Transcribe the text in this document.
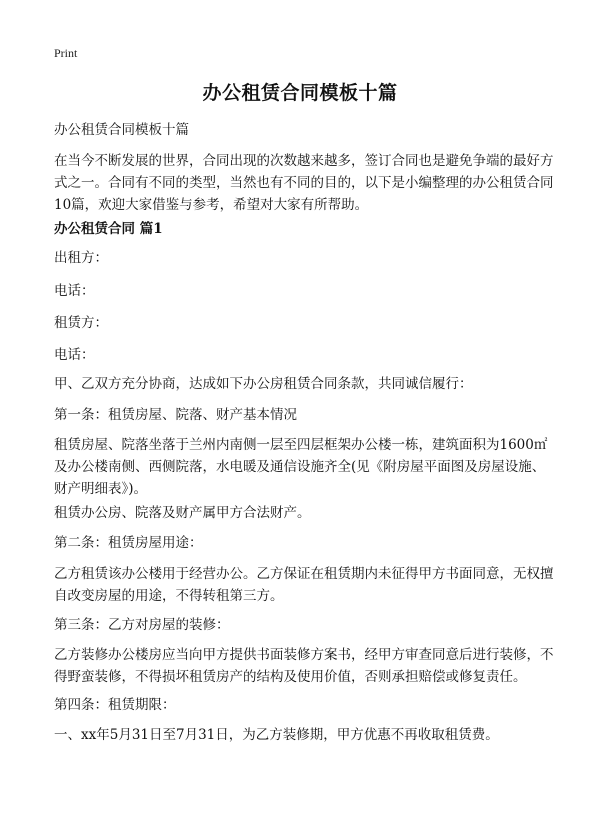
Print
办公租赁合同模板十篇

办公租赁合同模板十篇

在当今不断发展的世界，合同出现的次数越来越多，签订合同也是避免争端的最好方式之一。合同有不同的类型，当然也有不同的目的，以下是小编整理的办公租赁合同10篇，欢迎大家借鉴与参考，希望对大家有所帮助。

办公租赁合同 篇1

出租方：

电话：

租赁方：

电话：

甲、乙双方充分协商，达成如下办公房租赁合同条款，共同诚信履行：

第一条：租赁房屋、院落、财产基本情况

租赁房屋、院落坐落于兰州内南侧一层至四层框架办公楼一栋，建筑面积为1600㎡及办公楼南侧、西侧院落，水电暖及通信设施齐全(见《附房屋平面图及房屋设施、财产明细表》)。

租赁办公房、院落及财产属甲方合法财产。

第二条：租赁房屋用途：

乙方租赁该办公楼用于经营办公。乙方保证在租赁期内未征得甲方书面同意，无权擅自改变房屋的用途，不得转租第三方。

第三条：乙方对房屋的装修：

乙方装修办公楼房应当向甲方提供书面装修方案书，经甲方审查同意后进行装修，不得野蛮装修，不得损坏租赁房产的结构及使用价值，否则承担赔偿或修复责任。

第四条：租赁期限：

一、xx年5月31日至7月31日，为乙方装修期，甲方优惠不再收取租赁费。
